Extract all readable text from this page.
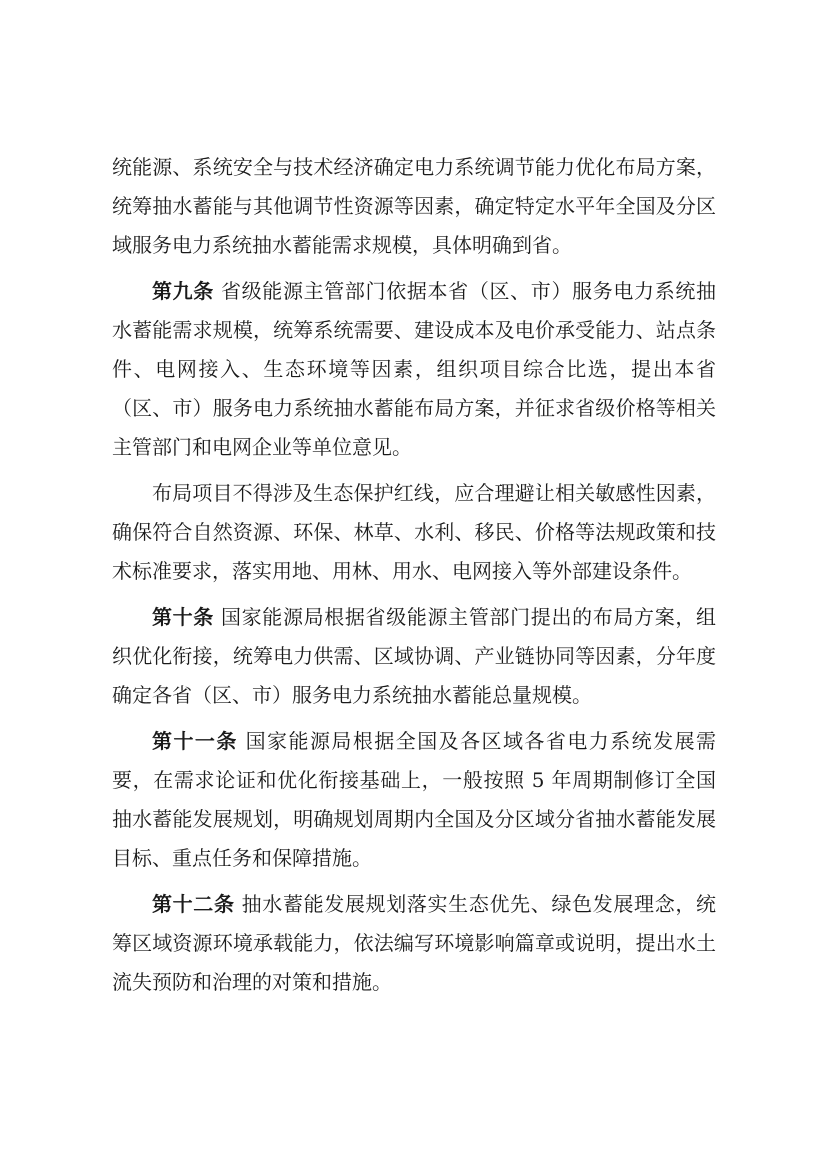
统能源、系统安全与技术经济确定电力系统调节能力优化布局方案，统筹抽水蓄能与其他调节性资源等因素，确定特定水平年全国及分区域服务电力系统抽水蓄能需求规模，具体明确到省。

第九条 省级能源主管部门依据本省（区、市）服务电力系统抽水蓄能需求规模，统筹系统需要、建设成本及电价承受能力、站点条件、电网接入、生态环境等因素，组织项目综合比选，提出本省（区、市）服务电力系统抽水蓄能布局方案，并征求省级价格等相关主管部门和电网企业等单位意见。

布局项目不得涉及生态保护红线，应合理避让相关敏感性因素，确保符合自然资源、环保、林草、水利、移民、价格等法规政策和技术标准要求，落实用地、用林、用水、电网接入等外部建设条件。

第十条 国家能源局根据省级能源主管部门提出的布局方案，组织优化衔接，统筹电力供需、区域协调、产业链协同等因素，分年度确定各省（区、市）服务电力系统抽水蓄能总量规模。

第十一条 国家能源局根据全国及各区域各省电力系统发展需要，在需求论证和优化衔接基础上，一般按照 5 年周期制修订全国抽水蓄能发展规划，明确规划周期内全国及分区域分省抽水蓄能发展目标、重点任务和保障措施。

第十二条 抽水蓄能发展规划落实生态优先、绿色发展理念，统筹区域资源环境承载能力，依法编写环境影响篇章或说明，提出水土流失预防和治理的对策和措施。
